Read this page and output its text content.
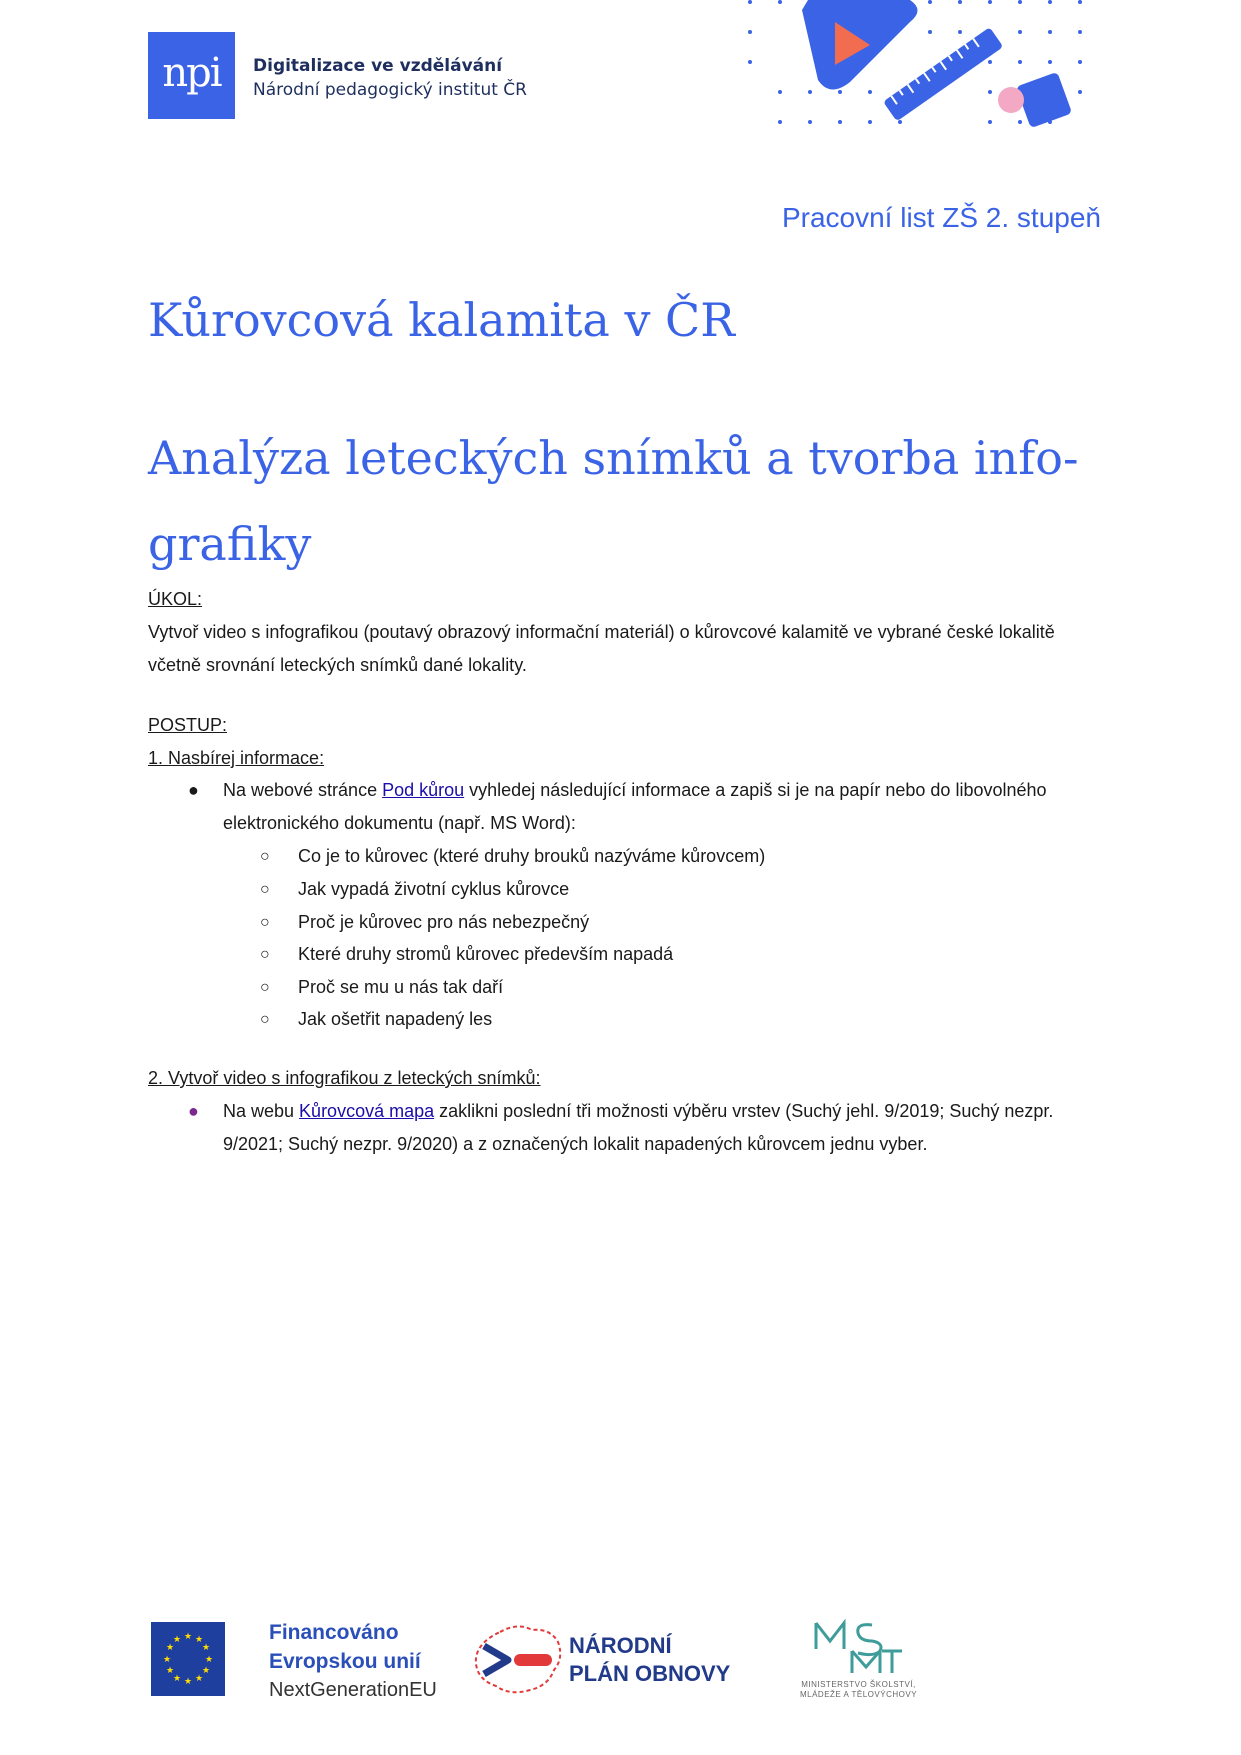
npi	Digitalizace ve vzdělávání
Národní pedagogický institut ČR
Pracovní list ZŠ 2. stupeň
Kůrovcová kalamita v ČR
Analýza leteckých snímků a tvorba info-grafiky
ÚKOL:
Vytvoř video s infografikou (poutavý obrazový informační materiál) o kůrovcové kalamitě ve vybrané české lokalitě včetně srovnání leteckých snímků dané lokality.
POSTUP:
1. Nasbírej informace:
● Na webové stránce Pod kůrou vyhledej následující informace a zapiš si je na papír nebo do libovolného elektronického dokumentu (např. MS Word):
○ Co je to kůrovec (které druhy brouků nazýváme kůrovcem)
○ Jak vypadá životní cyklus kůrovce
○ Proč je kůrovec pro nás nebezpečný
○ Které druhy stromů kůrovec především napadá
○ Proč se mu u nás tak daří
○ Jak ošetřit napadený les
2. Vytvoř video s infografikou z leteckých snímků:
● Na webu Kůrovcová mapa zaklikni poslední tři možnosti výběru vrstev (Suchý jehl. 9/2019; Suchý nezpr. 9/2021; Suchý nezpr. 9/2020) a z označených lokalit napadených kůrovcem jednu vyber.
★ ★
★
★
★
★
★
★
★
★
★
★	Financováno
Evropskou unií
NextGenerationEU
NÁRODNÍ
PLÁN OBNOVY	MINISTERSTVO ŠKOLSTVÍ,
MLÁDEŽE A TĚLOVÝCHOVY
